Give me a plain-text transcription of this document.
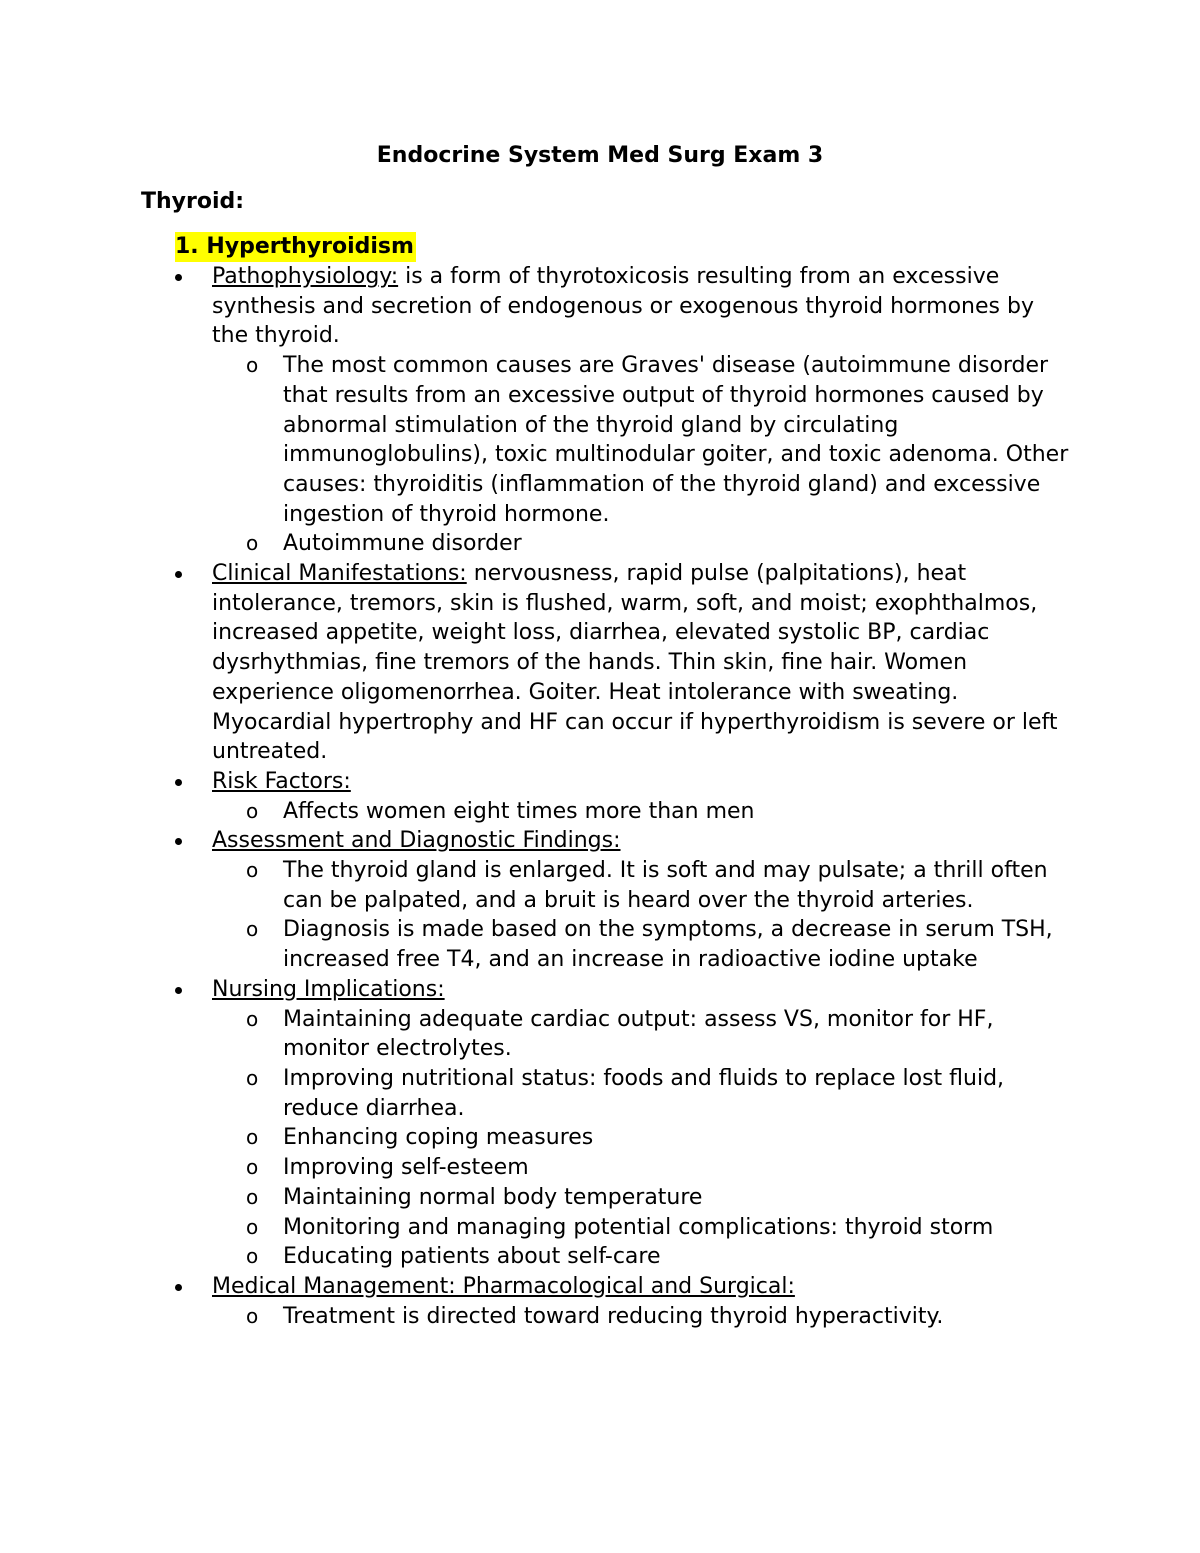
Endocrine System Med Surg Exam 3
Thyroid:
1. Hyperthyroidism
Pathophysiology: is a form of thyrotoxicosis resulting from an excessive synthesis and secretion of endogenous or exogenous thyroid hormones by the thyroid.
o The most common causes are Graves' disease (autoimmune disorder that results from an excessive output of thyroid hormones caused by abnormal stimulation of the thyroid gland by circulating immunoglobulins), toxic multinodular goiter, and toxic adenoma. Other causes: thyroiditis (inflammation of the thyroid gland) and excessive ingestion of thyroid hormone.
o Autoimmune disorder
Clinical Manifestations: nervousness, rapid pulse (palpitations), heat intolerance, tremors, skin is flushed, warm, soft, and moist; exophthalmos, increased appetite, weight loss, diarrhea, elevated systolic BP, cardiac dysrhythmias, fine tremors of the hands. Thin skin, fine hair. Women experience oligomenorrhea. Goiter. Heat intolerance with sweating. Myocardial hypertrophy and HF can occur if hyperthyroidism is severe or left untreated.
Risk Factors:
o Affects women eight times more than men
Assessment and Diagnostic Findings:
o The thyroid gland is enlarged. It is soft and may pulsate; a thrill often can be palpated, and a bruit is heard over the thyroid arteries.
o Diagnosis is made based on the symptoms, a decrease in serum TSH, increased free T4, and an increase in radioactive iodine uptake
Nursing Implications:
o Maintaining adequate cardiac output: assess VS, monitor for HF, monitor electrolytes.
o Improving nutritional status: foods and fluids to replace lost fluid, reduce diarrhea.
o Enhancing coping measures
o Improving self-esteem
o Maintaining normal body temperature
o Monitoring and managing potential complications: thyroid storm
o Educating patients about self-care
Medical Management: Pharmacological and Surgical:
o Treatment is directed toward reducing thyroid hyperactivity.
